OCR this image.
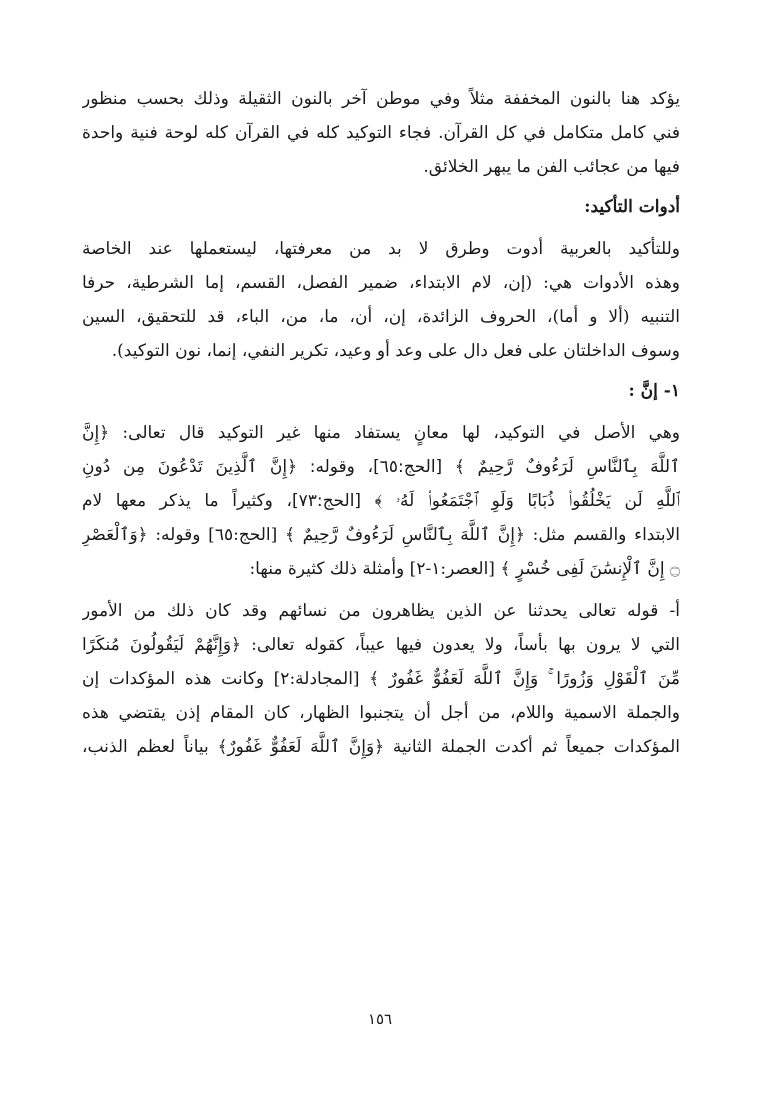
يؤكد هنا بالنون المخففة مثلاً وفي موطن آخر بالنون الثقيلة وذلك بحسب منظور
فني كامل متكامل في كل القرآن. فجاء التوكيد كله في القرآن كله لوحة فنية واحدة
فيها من عجائب الفن ما يبهر الخلائق.
أدوات التأكيد:
وللتأكيد بالعربية أدوت وطرق لا بد من معرفتها، ليستعملها عند الخاصة
وهذه الأدوات هي: (إن، لام الابتداء، ضمير الفصل، القسم، إما الشرطية، حرفا
التنبيه (ألا و أما)، الحروف الزائدة، إن، أن، ما، من، الباء، قد للتحقيق، السين
وسوف الداخلتان على فعل دال على وعد أو وعيد، تكرير النفي، إنما، نون التوكيد).
١- إنَّ :
وهي الأصل في التوكيد، لها معانٍ يستفاد منها غير التوكيد قال تعالى: ﴿إِنَّ
ٱللَّهَ بِٱلنَّاسِ لَرَءُوفٌ رَّحِيمٌ ﴾ [الحج:٦٥]، وقوله: ﴿إِنَّ ٱلَّذِينَ تَدْعُونَ مِن دُونِ
ٱللَّهِ لَن يَخْلُقُوا۟ ذُبَابًا وَلَوِ ٱجْتَمَعُوا۟ لَهُۥ ﴾ [الحج:٧٣]، وكثيراً ما يذكر معها لام
الابتداء والقسم مثل: ﴿إِنَّ ٱللَّهَ بِٱلنَّاسِ لَرَءُوفٌ رَّحِيمٌ ﴾ [الحج:٦٥] وقوله: ﴿وَٱلْعَصْرِ
۝ إِنَّ ٱلْإِنسَٰنَ لَفِى خُسْرٍ ﴾ [العصر:١-٢] وأمثلة ذلك كثيرة منها:
أ- قوله تعالى يحدثنا عن الذين يظاهرون من نسائهم وقد كان ذلك من الأمور
التي لا يرون بها بأساً، ولا يعدون فيها عيباً، كقوله تعالى: ﴿وَإِنَّهُمْ لَيَقُولُونَ مُنكَرًا
مِّنَ ٱلْقَوْلِ وَزُورًا ۚ وَإِنَّ ٱللَّهَ لَعَفُوٌّ غَفُورٌ ﴾ [المجادلة:٢] وكانت هذه المؤكدات إن
والجملة الاسمية واللام، من أجل أن يتجنبوا الظهار، كان المقام إذن يقتضي هذه
المؤكدات جميعاً ثم أكدت الجملة الثانية ﴿وَإِنَّ ٱللَّهَ لَعَفُوٌّ غَفُورٌ﴾ بياناً لعظم الذنب،
١٥٦
